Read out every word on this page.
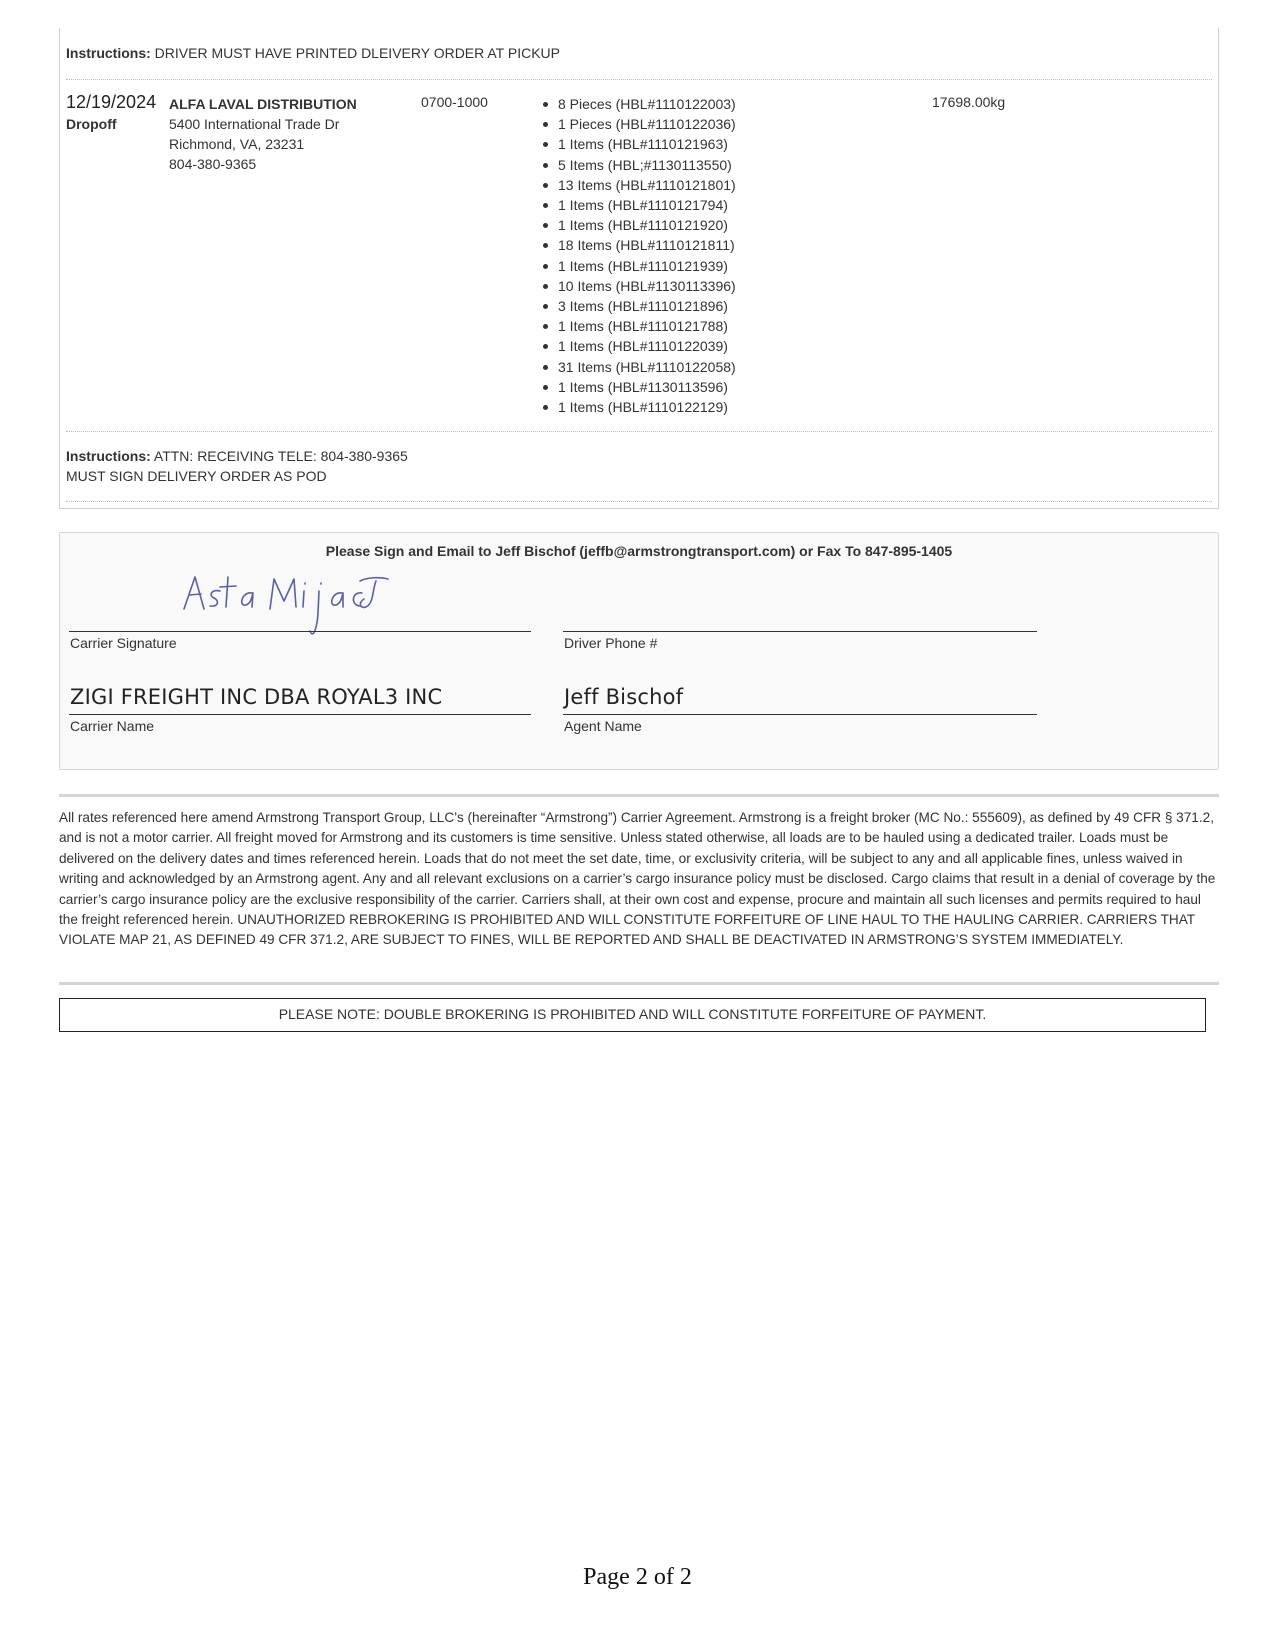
Instructions: DRIVER MUST HAVE PRINTED DLEIVERY ORDER AT PICKUP
12/19/2024
Dropoff
ALFA LAVAL DISTRIBUTION
5400 International Trade Dr
Richmond, VA, 23231
804-380-9365
0700-1000	8 Pieces (HBL#1110122003)
1 Pieces (HBL#1110122036)
1 Items (HBL#1110121963)
5 Items (HBL;#1130113550)
13 Items (HBL#1110121801)
1 Items (HBL#1110121794)
1 Items (HBL#1110121920)
18 Items (HBL#1110121811)
1 Items (HBL#1110121939)
10 Items (HBL#1130113396)
3 Items (HBL#1110121896)
1 Items (HBL#1110121788)
1 Items (HBL#1110122039)
31 Items (HBL#1110122058)
1 Items (HBL#1130113596)
1 Items (HBL#1110122129)
17698.00kg
Instructions: ATTN: RECEIVING TELE: 804-380-9365
MUST SIGN DELIVERY ORDER AS POD
Please Sign and Email to Jeff Bischof (jeffb@armstrongtransport.com) or Fax To 847-895-1405
Carrier Signature	Driver Phone #
ZIGI FREIGHT INC DBA ROYAL3 INC
Carrier Name
Jeff Bischof
Agent Name

All rates referenced here amend Armstrong Transport Group, LLC’s (hereinafter “Armstrong”) Carrier Agreement. Armstrong is a freight broker (MC No.: 555609), as defined by 49 CFR § 371.2, and is not a motor carrier. All freight moved for Armstrong and its customers is time sensitive. Unless stated otherwise, all loads are to be hauled using a dedicated trailer. Loads must be delivered on the delivery dates and times referenced herein. Loads that do not meet the set date, time, or exclusivity criteria, will be subject to any and all applicable fines, unless waived in writing and acknowledged by an Armstrong agent. Any and all relevant exclusions on a carrier’s cargo insurance policy must be disclosed. Cargo claims that result in a denial of coverage by the carrier’s cargo insurance policy are the exclusive responsibility of the carrier. Carriers shall, at their own cost and expense, procure and maintain all such licenses and permits required to haul the freight referenced herein. UNAUTHORIZED REBROKERING IS PROHIBITED AND WILL CONSTITUTE FORFEITURE OF LINE HAUL TO THE HAULING CARRIER. CARRIERS THAT VIOLATE MAP 21, AS DEFINED 49 CFR 371.2, ARE SUBJECT TO FINES, WILL BE REPORTED AND SHALL BE DEACTIVATED IN ARMSTRONG’S SYSTEM IMMEDIATELY.

PLEASE NOTE: DOUBLE BROKERING IS PROHIBITED AND WILL CONSTITUTE FORFEITURE OF PAYMENT.
Page 2 of 2
